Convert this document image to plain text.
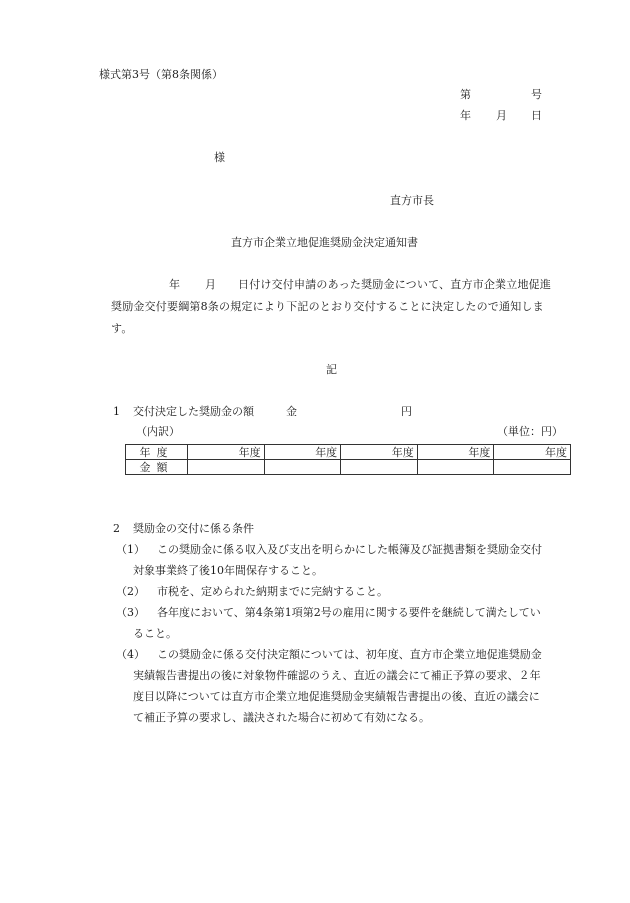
様式第3号（第8条関係）
第	号
年 月 日
様
直方市長
直方市企業立地促進奨励金決定通知書
年 月 日付け交付申請のあった奨励金について、直方市企業立地促進
奨励金交付要綱第8条の規定により下記のとおり交付することに決定したので通知しま
す。
記
1 交付決定した奨励金の額	金	円
（内訳）	（単位：円）
年度	年度	年度	年度	年度	年度
金額					
2 奨励金の交付に係る条件
（1） この奨励金に係る収入及び支出を明らかにした帳簿及び証拠書類を奨励金交付
対象事業終了後10年間保存すること。
（2） 市税を、定められた納期までに完納すること。
（3） 各年度において、第4条第1項第2号の雇用に関する要件を継続して満たしてい
ること。
（4） この奨励金に係る交付決定額については、初年度、直方市企業立地促進奨励金
実績報告書提出の後に対象物件確認のうえ、直近の議会にて補正予算の要求、２年
度目以降については直方市企業立地促進奨励金実績報告書提出の後、直近の議会に
て補正予算の要求し、議決された場合に初めて有効になる。
